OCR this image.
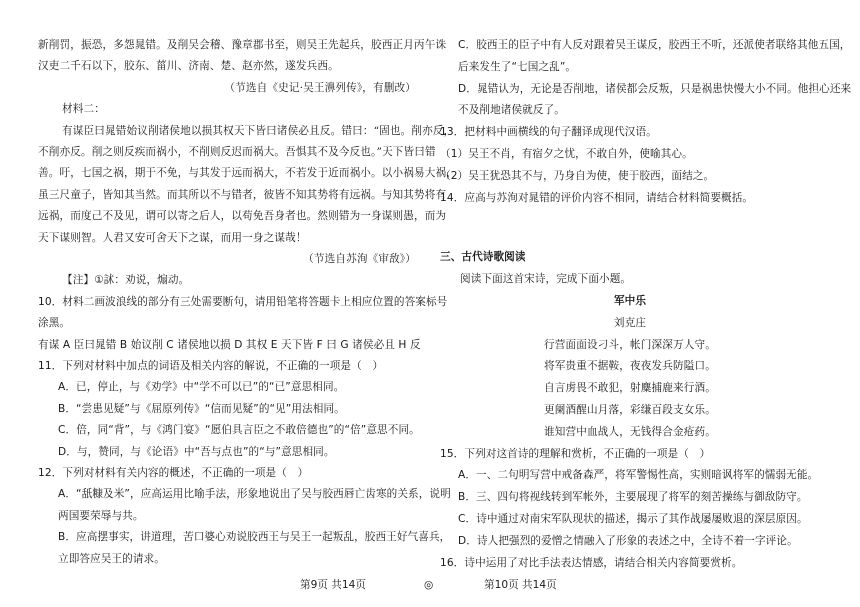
新削罚，振恐，多怨晁错。及削吴会稽、豫章郡书至，则吴王先起兵，胶西正月丙午诛
汉吏二千石以下，胶东、菑川、济南、楚、赵亦然，遂发兵西。
（节选自《史记·吴王濞列传》，有删改）
材料二：
有谋臣曰晁错始议削诸侯地以损其权天下皆曰诸侯必且反。错曰：“固也。削亦反，
不削亦反。削之则反疾而祸小，不削则反迟而祸大。吾惧其不及今反也。”天下皆曰错
善。吁，七国之祸，期于不免，与其发于远而祸大，不若发于近而祸小。以小祸易大祸，
虽三尺童子，皆知其当然。而其所以不与错者，彼皆不知其势将有远祸。与知其势将有
远祸，而度己不及见，谓可以寄之后人，以苟免吾身者也。然则错为一身谋则愚，而为
天下谋则智。人君又安可舍天下之谋，而用一身之谋哉！
（节选自苏洵《审敌》）
【注】①訹：劝说，煽动。
10．材料二画波浪线的部分有三处需要断句，请用铅笔将答题卡上相应位置的答案标号
涂黑。
有谋 A 臣曰晁错 B 始议削 C 诸侯地以损 D 其权 E 天下皆 F 曰 G 诸侯必且 H 反
11．下列对材料中加点的词语及相关内容的解说，不正确的一项是（　）
A．已，停止，与《劝学》中“学不可以已”的“已”意思相同。
B．“尝患见疑”与《屈原列传》“信而见疑”的“见”用法相同。
C．倍，同“背”，与《鸿门宴》“愿伯具言臣之不敢倍德也”的“倍”意思不同。
D．与，赞同，与《论语》中“吾与点也”的“与”意思相同。
12．下列对材料有关内容的概述，不正确的一项是（　）
A．“舐糠及米”，应高运用比喻手法，形象地说出了吴与胶西唇亡齿寒的关系，说明
两国要荣辱与共。
B．应高摆事实，讲道理，苦口婆心劝说胶西王与吴王一起叛乱，胶西王好气喜兵，
立即答应吴王的请求。
第9页 共14页	◎
C．胶西王的臣子中有人反对跟着吴王谋反，胶西王不听，还派使者联络其他五国，
后来发生了“七国之乱”。
D．晁错认为，无论是否削地，诸侯都会反叛，只是祸患快慢大小不同。他担心还来
不及削地诸侯就反了。
13．把材料中画横线的句子翻译成现代汉语。
（1）吴王不肖，有宿夕之忧，不敢自外，使喻其心。
（2）吴王犹恐其不与，乃身自为使，使于胶西，面结之。
14．应高与苏洵对晁错的评价内容不相同，请结合材料简要概括。
三、古代诗歌阅读
阅读下面这首宋诗，完成下面小题。
军中乐
刘克庄
行营面面设刁斗，帐门深深万人守。
将军贵重不据鞍，夜夜发兵防隘口。
自言虏畏不敢犯，射麋捕鹿来行酒。
更阑酒醒山月落，彩缣百段支女乐。
谁知营中血战人，无钱得合金疮药。
15．下列对这首诗的理解和赏析，不正确的一项是（　）
A．一、二句明写营中戒备森严，将军警惕性高，实则暗讽将军的懦弱无能。
B．三、四句将视线转到军帐外，主要展现了将军的刻苦操练与御敌防守。
C．诗中通过对南宋军队现状的描述，揭示了其作战屡屡败退的深层原因。
D．诗人把强烈的爱憎之情融入了形象的表述之中，全诗不着一字评论。
16．诗中运用了对比手法表达情感，请结合相关内容简要赏析。
第10页 共14页
